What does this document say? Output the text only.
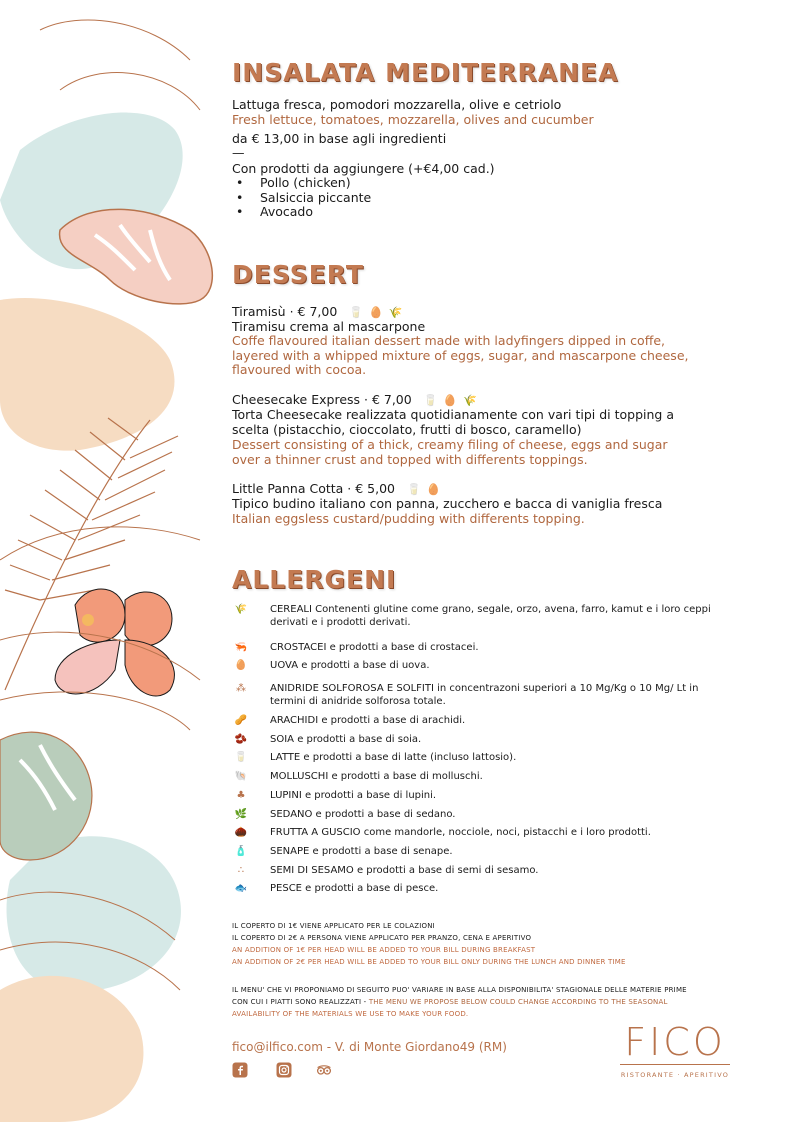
INSALATA MEDITERRANEA
Lattuga fresca, pomodori mozzarella, olive e cetriolo
Fresh lettuce, tomatoes, mozzarella, olives and cucumber
da € 13,00 in base agli ingredienti
—
Con prodotti da aggiungere (+€4,00 cad.)
• Pollo (chicken)
• Salsiccia piccante
• Avocado
DESSERT
Tiramisù · € 7,00 🥛🥚🌾
Tiramisu crema al mascarpone
Coffe flavoured italian dessert made with ladyfingers dipped in coffe,
layered with a whipped mixture of eggs, sugar, and mascarpone cheese,
flavoured with cocoa.
Cheesecake Express · € 7,00 🥛🥚🌾
Torta Cheesecake realizzata quotidianamente con vari tipi di topping a
scelta (pistacchio, cioccolato, frutti di bosco, caramello)
Dessert consisting of a thick, creamy filing of cheese, eggs and sugar
over a thinner crust and topped with differents toppings.
Little Panna Cotta · € 5,00 🥛🥚
Tipico budino italiano con panna, zucchero e bacca di vaniglia fresca
Italian eggsless custard/pudding with differents topping.
ALLERGENI
🌾 CEREALI Contenenti glutine come grano, segale, orzo, avena, farro, kamut e i loro ceppi derivati e i prodotti derivati.
🦐 CROSTACEI e prodotti a base di crostacei.
🥚 UOVA e prodotti a base di uova.
⁂ ANIDRIDE SOLFOROSA E SOLFITI in concentrazoni superiori a 10 Mg/Kg o 10 Mg/ Lt in termini di anidride solforosa totale.
🥜 ARACHIDI e prodotti a base di arachidi.
🫘 SOIA e prodotti a base di soia.
🥛 LATTE e prodotti a base di latte (incluso lattosio).
🐚 MOLLUSCHI e prodotti a base di molluschi.
♣ LUPINI e prodotti a base di lupini.
🌿 SEDANO e prodotti a base di sedano.
🌰 FRUTTA A GUSCIO come mandorle, nocciole, noci, pistacchi e i loro prodotti.
🧴 SENAPE e prodotti a base di senape.
∴	SEMI DI SESAMO e prodotti a base di semi di sesamo.
🐟 PESCE e prodotti a base di pesce.
IL COPERTO DI 1€ VIENE APPLICATO PER LE COLAZIONI
IL COPERTO DI 2€ A PERSONA VIENE APPLICATO PER PRANZO, CENA E APERITIVO
AN ADDITION OF 1€ PER HEAD WILL BE ADDED TO YOUR BILL DURING BREAKFAST
AN ADDITION OF 2€ PER HEAD WILL BE ADDED TO YOUR BILL ONLY DURING THE LUNCH AND DINNER TIME
IL MENU' CHE VI PROPONIAMO DI SEGUITO PUO' VARIARE IN BASE ALLA DISPONIBILITA' STAGIONALE DELLE MATERIE PRIME
CON CUI I PIATTI SONO REALIZZATI - THE MENU WE PROPOSE BELOW COULD CHANGE ACCORDING TO THE SEASONAL
AVAILABILITY OF THE MATERIALS WE USE TO MAKE YOUR FOOD.
fico@ilfico.com - V. di Monte Giordano49 (RM)	FICO
RISTORANTE · APERITIVO
